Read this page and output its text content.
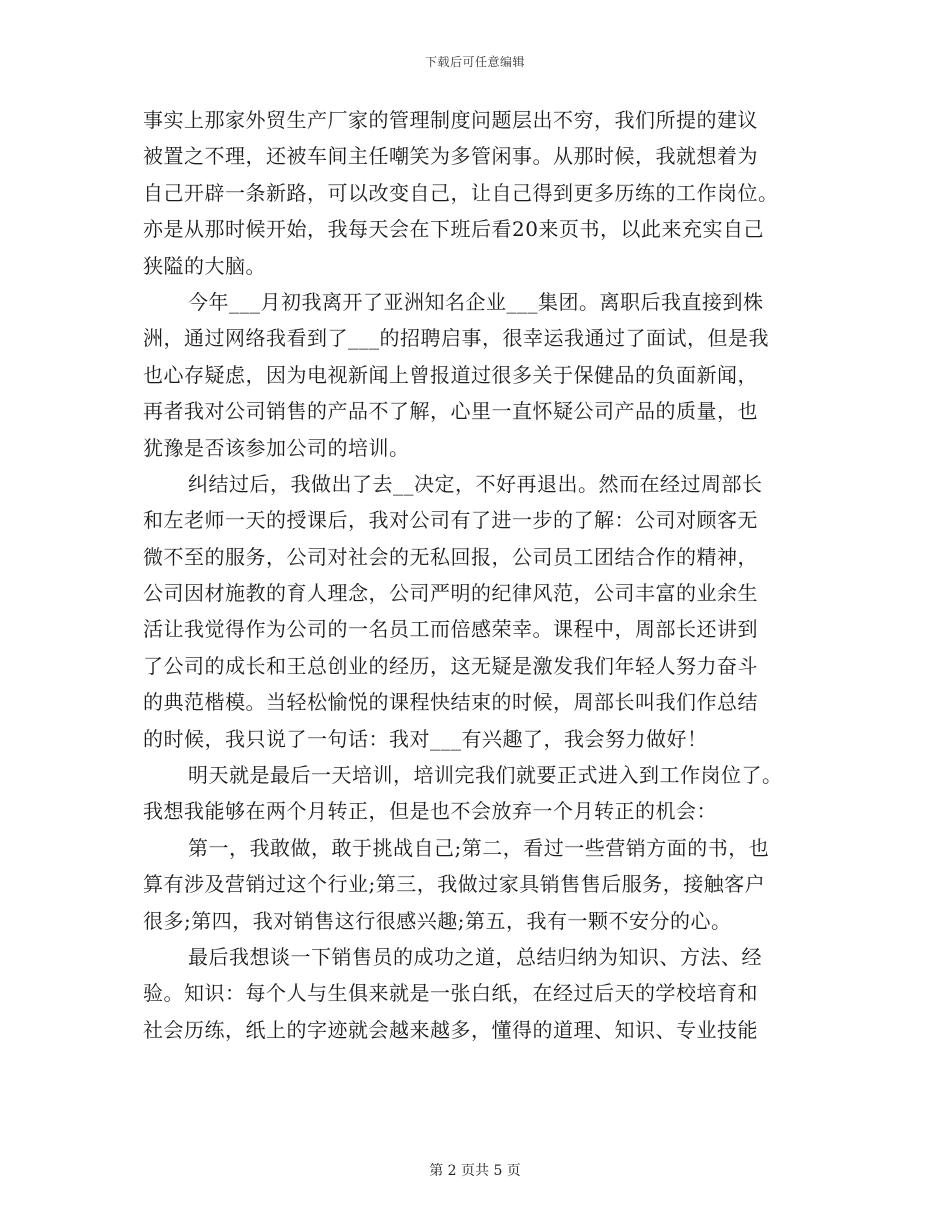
下载后可任意编辑
事实上那家外贸生产厂家的管理制度问题层出不穷，我们所提的建议
被置之不理，还被车间主任嘲笑为多管闲事。从那时候，我就想着为
自己开辟一条新路，可以改变自己，让自己得到更多历练的工作岗位。
亦是从那时候开始，我每天会在下班后看20来页书，以此来充实自己
狭隘的大脑。
今年___月初我离开了亚洲知名企业___集团。离职后我直接到株
洲，通过网络我看到了___的招聘启事，很幸运我通过了面试，但是我
也心存疑虑，因为电视新闻上曾报道过很多关于保健品的负面新闻，
再者我对公司销售的产品不了解，心里一直怀疑公司产品的质量，也
犹豫是否该参加公司的培训。
纠结过后，我做出了去__决定，不好再退出。然而在经过周部长
和左老师一天的授课后，我对公司有了进一步的了解：公司对顾客无
微不至的服务，公司对社会的无私回报，公司员工团结合作的精神，
公司因材施教的育人理念，公司严明的纪律风范，公司丰富的业余生
活让我觉得作为公司的一名员工而倍感荣幸。课程中，周部长还讲到
了公司的成长和王总创业的经历，这无疑是激发我们年轻人努力奋斗
的典范楷模。当轻松愉悦的课程快结束的时候，周部长叫我们作总结
的时候，我只说了一句话：我对___有兴趣了，我会努力做好！
明天就是最后一天培训，培训完我们就要正式进入到工作岗位了。
我想我能够在两个月转正，但是也不会放弃一个月转正的机会：
第一，我敢做，敢于挑战自己;第二，看过一些营销方面的书，也
算有涉及营销过这个行业;第三，我做过家具销售售后服务，接触客户
很多;第四，我对销售这行很感兴趣;第五，我有一颗不安分的心。
最后我想谈一下销售员的成功之道，总结归纳为知识、方法、经
验。知识：每个人与生俱来就是一张白纸，在经过后天的学校培育和
社会历练，纸上的字迹就会越来越多，懂得的道理、知识、专业技能
第 2 页共 5 页
